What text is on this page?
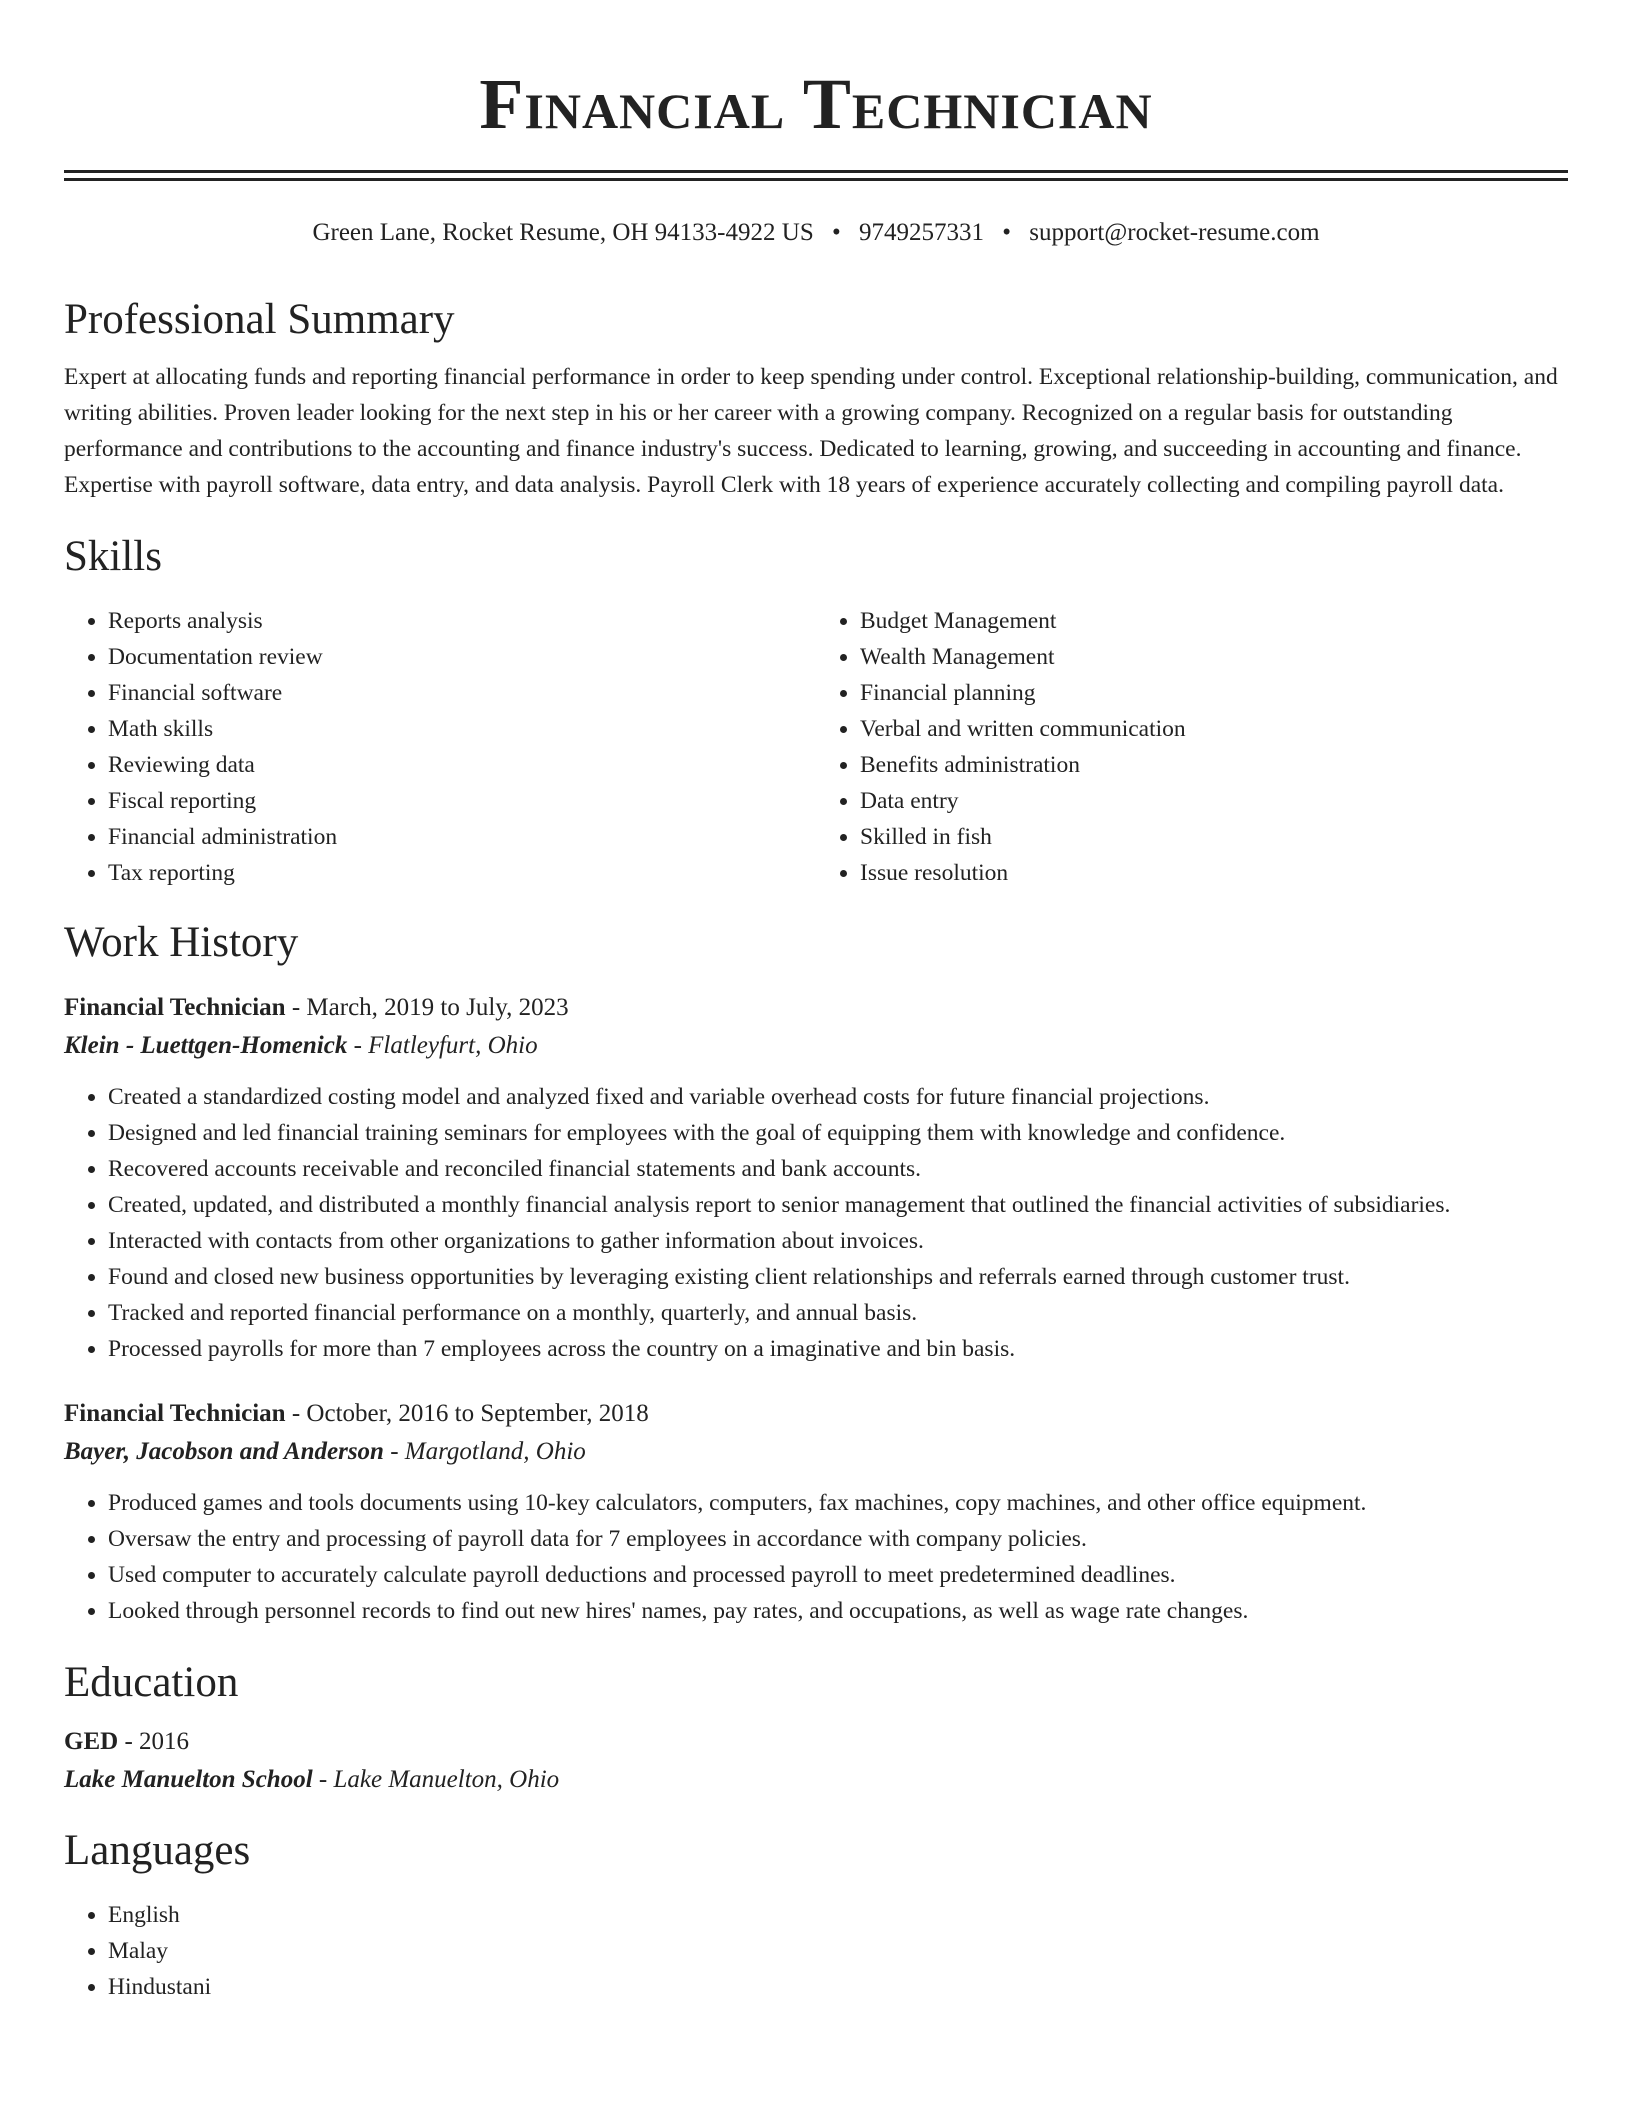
Financial Technician
Green Lane, Rocket Resume, OH 94133-4922 US • 9749257331 • support@rocket-resume.com
Professional Summary

Expert at allocating funds and reporting financial performance in order to keep spending under control. Exceptional relationship-building, communication, and writing abilities. Proven leader looking for the next step in his or her career with a growing company. Recognized on a regular basis for outstanding performance and contributions to the accounting and finance industry's success. Dedicated to learning, growing, and succeeding in accounting and finance. Expertise with payroll software, data entry, and data analysis. Payroll Clerk with 18 years of experience accurately collecting and compiling payroll data.

Skills
• Reports analysis
• Documentation review
• Financial software
• Math skills
• Reviewing data
• Fiscal reporting
• Financial administration
• Tax reporting
• Budget Management
• Wealth Management
• Financial planning
• Verbal and written communication
• Benefits administration
• Data entry
• Skilled in fish
• Issue resolution
Work History
Financial Technician - March, 2019 to July, 2023
Klein - Luettgen-Homenick - Flatleyfurt, Ohio
• Created a standardized costing model and analyzed fixed and variable overhead costs for future financial projections.
• Designed and led financial training seminars for employees with the goal of equipping them with knowledge and confidence.
• Recovered accounts receivable and reconciled financial statements and bank accounts.
• Created, updated, and distributed a monthly financial analysis report to senior management that outlined the financial activities of subsidiaries.
• Interacted with contacts from other organizations to gather information about invoices.
• Found and closed new business opportunities by leveraging existing client relationships and referrals earned through customer trust.
• Tracked and reported financial performance on a monthly, quarterly, and annual basis.
• Processed payrolls for more than 7 employees across the country on a imaginative and bin basis.
Financial Technician - October, 2016 to September, 2018
Bayer, Jacobson and Anderson - Margotland, Ohio
• Produced games and tools documents using 10-key calculators, computers, fax machines, copy machines, and other office equipment.
• Oversaw the entry and processing of payroll data for 7 employees in accordance with company policies.
• Used computer to accurately calculate payroll deductions and processed payroll to meet predetermined deadlines.
• Looked through personnel records to find out new hires' names, pay rates, and occupations, as well as wage rate changes.
Education
GED - 2016
Lake Manuelton School - Lake Manuelton, Ohio
Languages
• English
• Malay
• Hindustani
